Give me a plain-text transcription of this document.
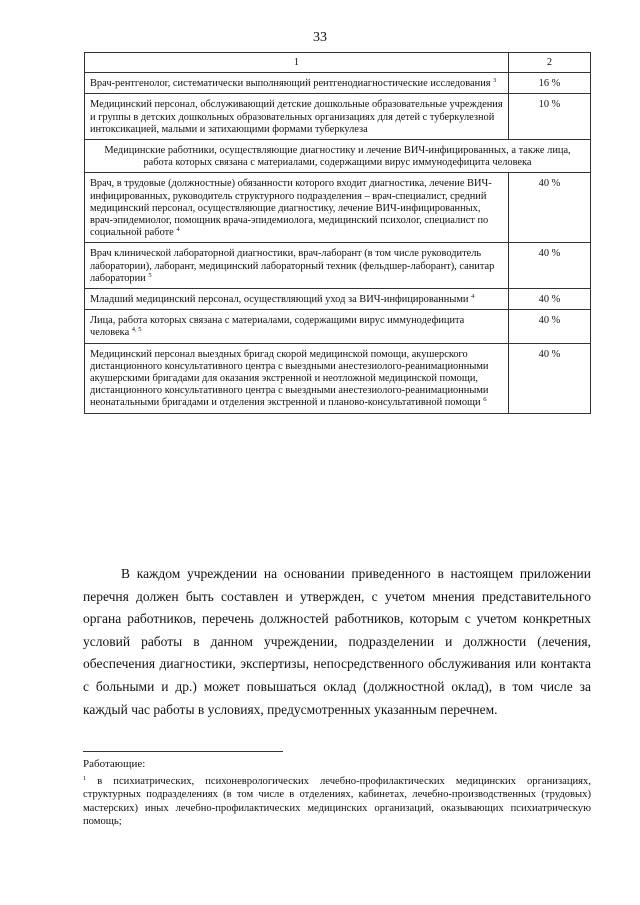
33
1	2
Врач-рентгенолог, систематически выполняющий рентгенодиагностические исследования $^3$	16 %
Медицинский персонал, обслуживающий детские дошкольные образовательные учреждения и группы в детских дошкольных образовательных организациях для детей с туберкулезной интоксикацией, малыми и затихающими формами туберкулеза	10 %
Медицинские работники, осуществляющие диагностику и лечение ВИЧ-инфицированных, а также лица, работа которых связана с материалами, содержащими вирус иммунодефицита человека	
Врач, в трудовые (должностные) обязанности которого входит диагностика, лечение ВИЧ-инфицированных, руководитель структурного подразделения – врач-специалист, средний медицинский персонал, осуществляющие диагностику, лечение ВИЧ-инфицированных, врач-эпидемиолог, помощник врача-эпидемиолога, медицинский психолог, специалист по социальной работе $^4$	40 %
Врач клинической лабораторной диагностики, врач-лаборант (в том числе руководитель лаборатории), лаборант, медицинский лабораторный техник (фельдшер-лаборант), санитар лаборатории $^5$	40 %
Младший медицинский персонал, осуществляющий уход за ВИЧ-инфицированными $^4$	40 %
Лица, работа которых связана с материалами, содержащими вирус иммунодефицита человека $^{4, 5}$	40 %
Медицинский персонал выездных бригад скорой медицинской помощи, акушерского дистанционного консультативного центра с выездными анестезиолого-реанимационными акушерскими бригадами для оказания экстренной и неотложной медицинской помощи, дистанционного консультативного центра с выездными анестезиолого-реанимационными неонатальными бригадами и отделения экстренной и планово-консультативной помощи $^6$	40 %

В каждом учреждении на основании приведенного в настоящем приложении перечня должен быть составлен и утвержден, с учетом мнения представительного органа работников, перечень должностей работников, которым с учетом конкретных условий работы в данном учреждении, подразделении и должности (лечения, обеспечения диагностики, экспертизы, непосредственного обслуживания или контакта с больными и др.) может повышаться оклад (должностной оклад), в том числе за каждый час работы в условиях, предусмотренных указанным перечнем.

Работающие:

$^1$ в психиатрических, психоневрологических лечебно-профилактических медицинских организациях, структурных подразделениях (в том числе в отделениях, кабинетах, лечебно-производственных (трудовых) мастерских) иных лечебно-профилактических медицинских организаций, оказывающих психиатрическую помощь;
